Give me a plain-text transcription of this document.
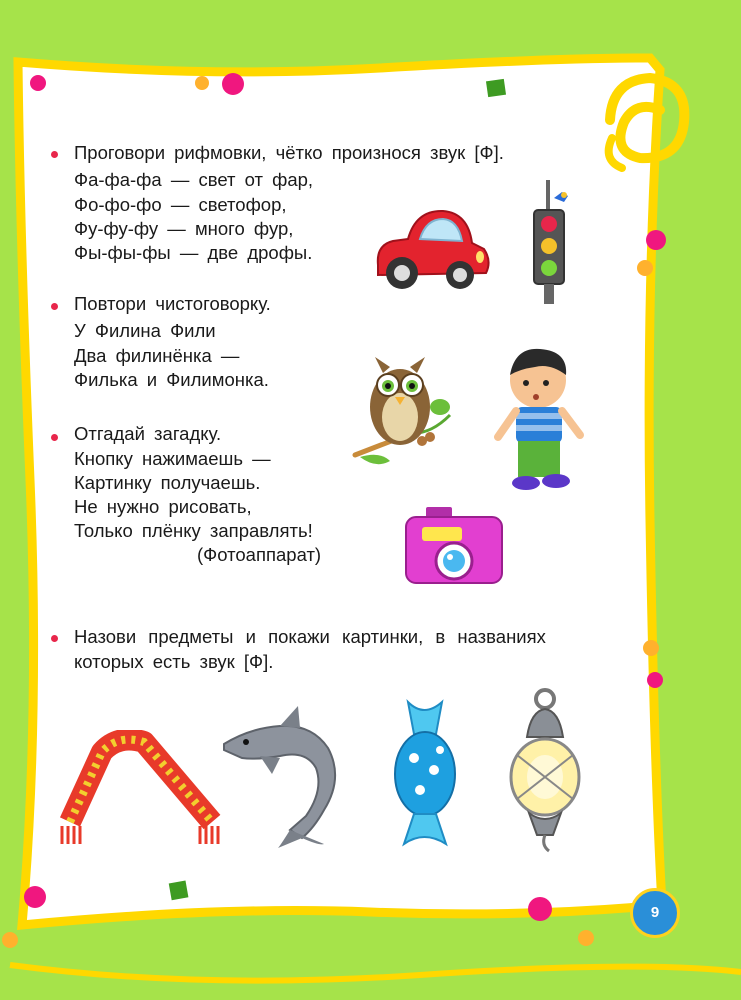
Проговори рифмовки, чётко произнося звук [Ф].

Фа-фа-фа — свет от фар,

Фо-фо-фо — светофор,

Фу-фу-фу — много фур,

Фы-фы-фы — две дрофы.

Повтори чистоговорку.

У Филина Фили

Два филинёнка —

Филька и Филимонка.

Отгадай загадку.

Кнопку нажимаешь —

Картинку получаешь.

Не нужно рисовать,

Только плёнку заправлять!

(Фотоаппарат)

Назови предметы и покажи картинки, в названиях

которых есть звук [Ф].

9
